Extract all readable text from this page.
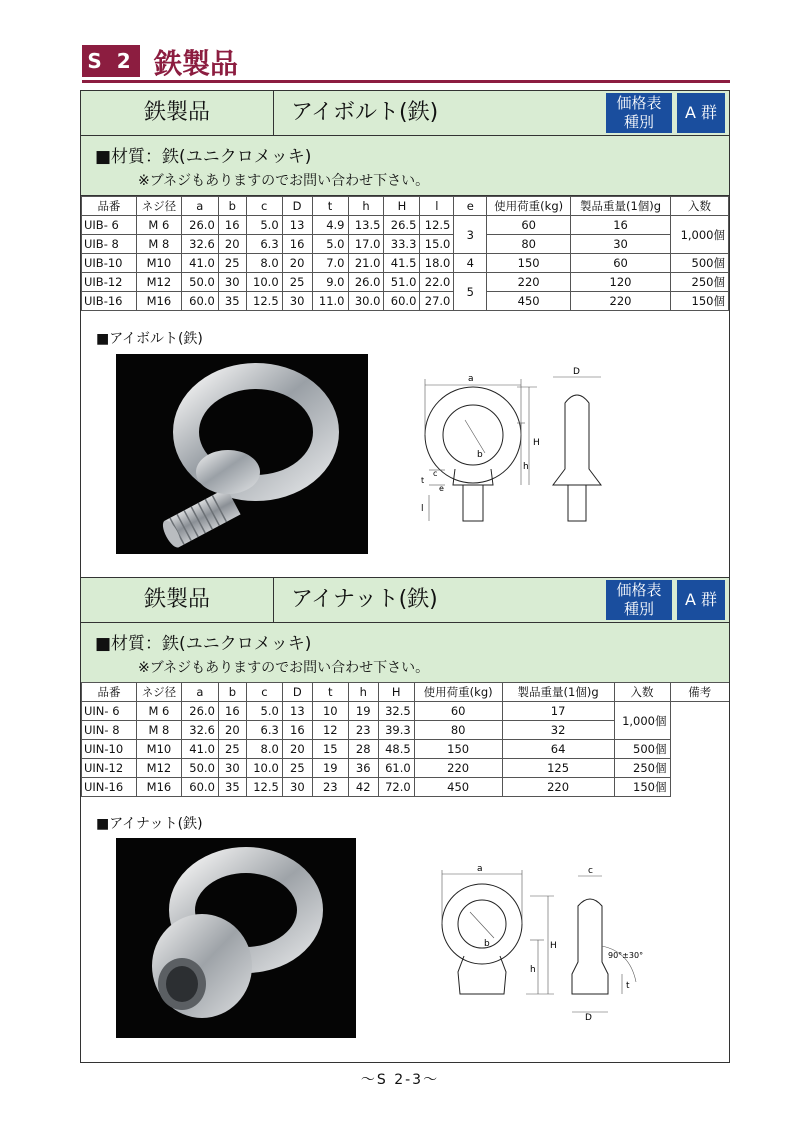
S 2 鉄製品
鉄製品	アイボルト(鉄)	価格表
種別	A 群
■材質：鉄(ユニクロメッキ)
※ブネジもありますのでお問い合わせ下さい。
品番	ネジ径	a	b	c	D	t	h	H	l	e	使用荷重(kg)	製品重量(1個)g	入数
UIB- 6	M 6	26.0	16	5.0	13	4.9	13.5	26.5	12.5	3	60	16	1,000個
UIB- 8	M 8	32.6	20	6.3	16	5.0	17.0	33.3	15.0		80	30	
UIB-10	M10	41.0	25	8.0	20	7.0	21.0	41.5	18.0	4	150	60	500個
UIB-12	M12	50.0	30	10.0	25	9.0	26.0	51.0	22.0	5	220	120	250個
UIB-16	M16	60.0	35	12.5	30	11.0	30.0	60.0	27.0		450	220	150個
■アイボルト(鉄)
a
b
H
h
D
c
t
e
l
鉄製品	アイナット(鉄)	価格表
種別	A 群
■材質：鉄(ユニクロメッキ)
※ブネジもありますのでお問い合わせ下さい。
品番	ネジ径	a	b	c	D	t	h	H	使用荷重(kg)	製品重量(1個)g	入数	備考
UIN- 6	M 6	26.0	16	5.0	13	10	19	32.5	60	17	1,000個	
UIN- 8	M 8	32.6	20	6.3	16	12	23	39.3	80	32		
UIN-10	M10	41.0	25	8.0	20	15	28	48.5	150	64	500個	
UIN-12	M12	50.0	30	10.0	25	19	36	61.0	220	125	250個	
UIN-16	M16	60.0	35	12.5	30	23	42	72.0	450	220	150個	
■アイナット(鉄)
a
b	H
h
c
D
t
90°±30°
～S 2-3～
